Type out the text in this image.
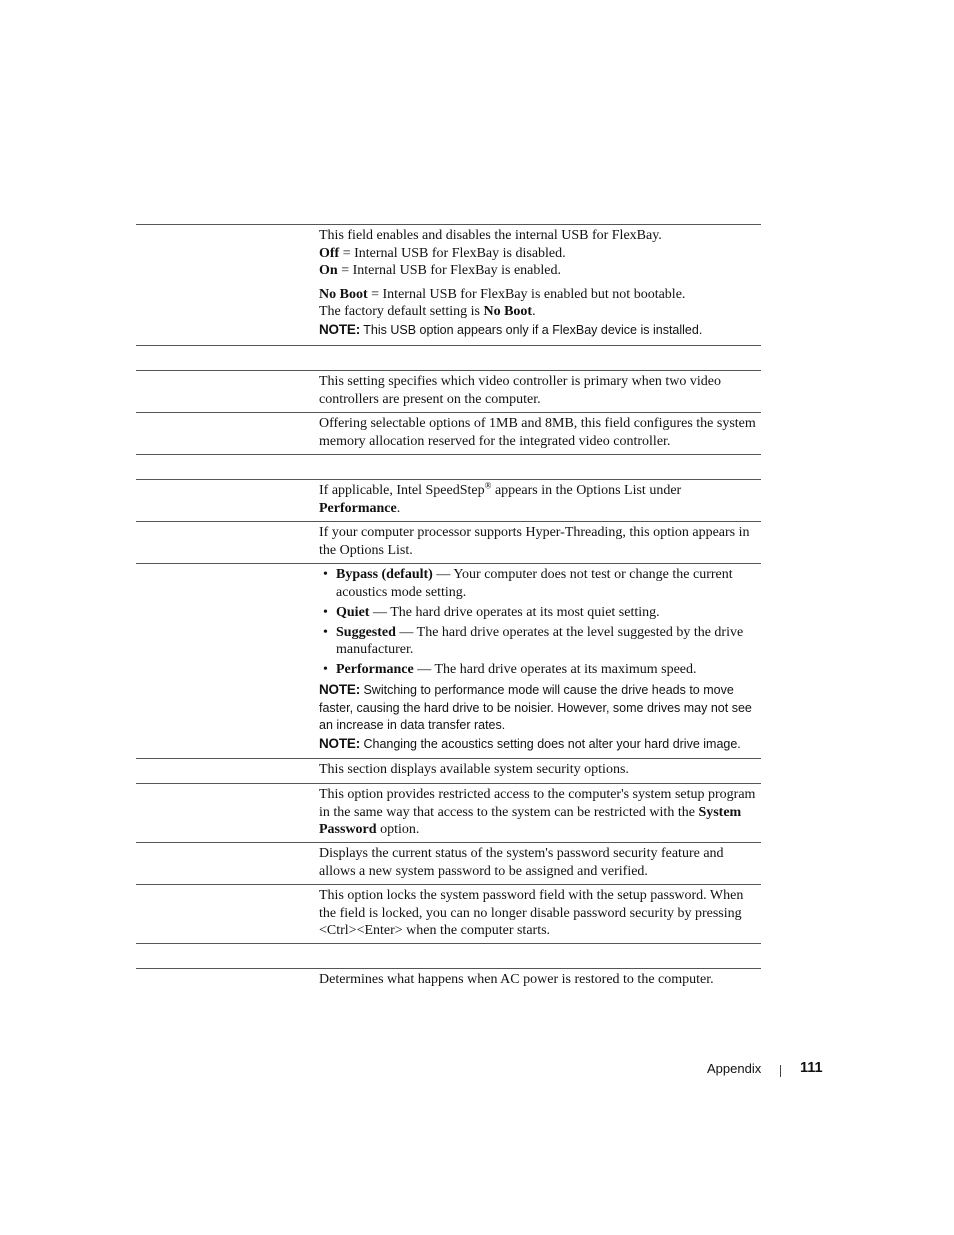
This field enables and disables the internal USB for FlexBay.

Off = Internal USB for FlexBay is disabled.

On = Internal USB for FlexBay is enabled.

No Boot = Internal USB for FlexBay is enabled but not bootable.

The factory default setting is No Boot.

NOTE: This USB option appears only if a FlexBay device is installed.

This setting specifies which video controller is primary when two video controllers are present on the computer.

Offering selectable options of 1MB and 8MB, this field configures the system memory allocation reserved for the integrated video controller.

If applicable, Intel SpeedStep® appears in the Options List under Performance.

If your computer processor supports Hyper-Threading, this option appears in the Options List.

• Bypass (default) — Your computer does not test or change the current acoustics mode setting.
• Quiet — The hard drive operates at its most quiet setting.
• Suggested — The hard drive operates at the level suggested by the drive manufacturer.
• Performance — The hard drive operates at its maximum speed.

NOTE: Switching to performance mode will cause the drive heads to move faster, causing the hard drive to be noisier. However, some drives may not see an increase in data transfer rates.

NOTE: Changing the acoustics setting does not alter your hard drive image.

This section displays available system security options.

This option provides restricted access to the computer's system setup program in the same way that access to the system can be restricted with the System Password option.

Displays the current status of the system's password security feature and allows a new system password to be assigned and verified.

This option locks the system password field with the setup password. When the field is locked, you can no longer disable password security by pressing <Ctrl><Enter> when the computer starts.

Determines what happens when AC power is restored to the computer.

Appendix	111
